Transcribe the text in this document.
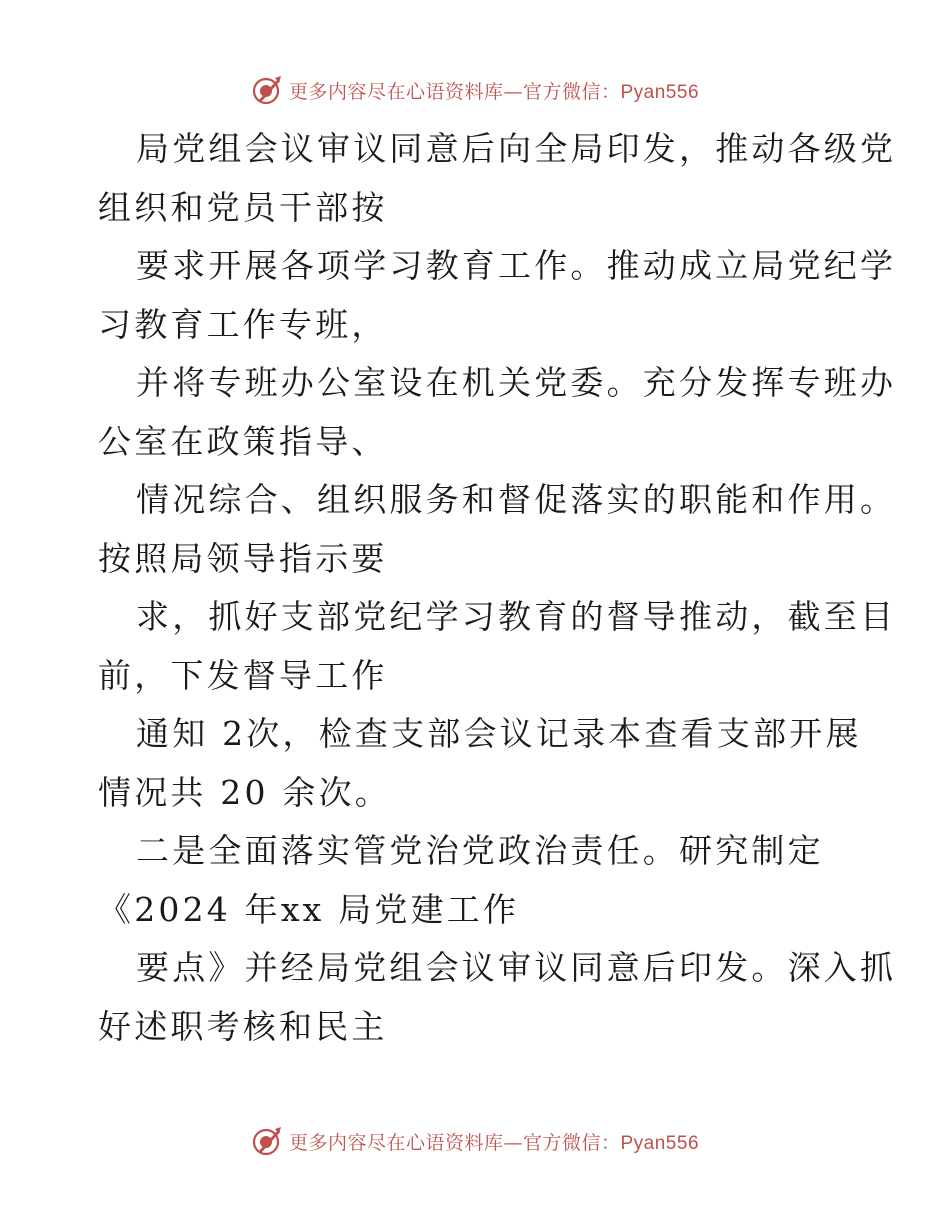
更多内容尽在心语资料库—官方微信：Pyan556
局党组会议审议同意后向全局印发，推动各级党
组织和党员干部按
要求开展各项学习教育工作。推动成立局党纪学
习教育工作专班，
并将专班办公室设在机关党委。充分发挥专班办
公室在政策指导、
情况综合、组织服务和督促落实的职能和作用。
按照局领导指示要
求，抓好支部党纪学习教育的督导推动，截至目
前，下发督导工作
通知 2次，检查支部会议记录本查看支部开展
情况共 20 余次。
二是全面落实管党治党政治责任。研究制定
《2024 年xx 局党建工作
要点》并经局党组会议审议同意后印发。深入抓
好述职考核和民主
更多内容尽在心语资料库—官方微信：Pyan556
